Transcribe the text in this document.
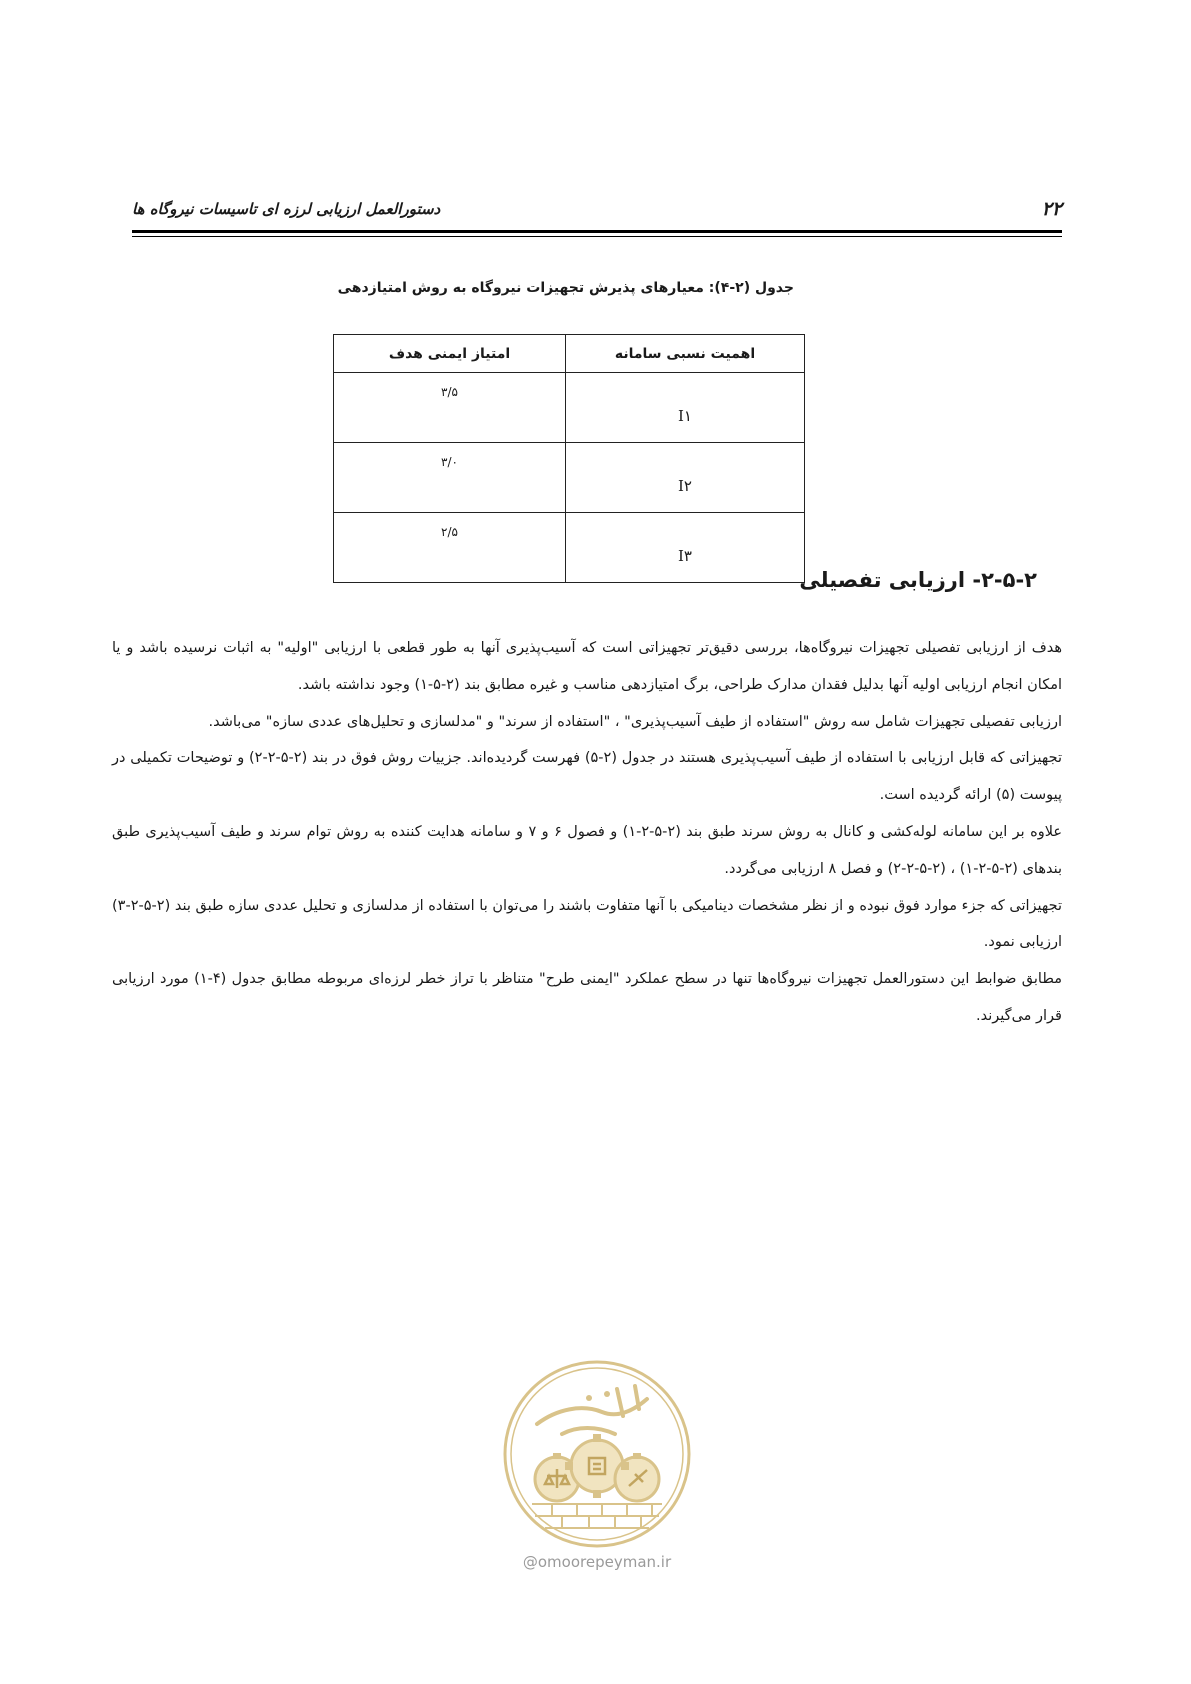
۲۲
دستورالعمل ارزیابی لرزه ای تاسیسات نیروگاه ها
جدول (۲-۴): معیارهای پذیرش تجهیزات نیروگاه به روش امتیازدهی
اهمیت نسبی سامانه	امتیاز ایمنی هدف
I۱	۳/۵
I۲	۳/۰
I۳	۲/۵
۲-۵-۲- ارزیابی تفصیلی

هدف از ارزیابی تفصیلی تجهیزات نیروگاه‌ها، بررسی دقیق‌تر تجهیزاتی است که آسیب‌پذیری آنها به طور قطعی با ارزیابی "اولیه" به اثبات نرسیده باشد و یا امکان انجام ارزیابی اولیه آنها بدلیل فقدان مدارک طراحی، برگ امتیازدهی مناسب و غیره مطابق بند (۲-۵-۱) وجود نداشته باشد.

ارزیابی تفصیلی تجهیزات شامل سه روش "استفاده از طیف آسیب‌پذیری" ، "استفاده از سرند" و "مدلسازی و تحلیل‌های عددی سازه" می‌باشد.

تجهیزاتی که قابل ارزیابی با استفاده از طیف آسیب‌پذیری هستند در جدول (۲-۵) فهرست گردیده‌اند. جزییات روش فوق در بند (۲-۵-۲-۲) و توضیحات تکمیلی در پیوست (۵) ارائه گردیده است.

علاوه بر این سامانه لوله‌کشی و کانال به روش سرند طبق بند (۲-۵-۲-۱) و فصول ۶ و ۷ و سامانه هدایت کننده به روش توام سرند و طیف آسیب‌پذیری طبق بندهای (۲-۵-۲-۱) ، (۲-۵-۲-۲) و فصل ۸ ارزیابی می‌گردد.

تجهیزاتی که جزء موارد فوق نبوده و از نظر مشخصات دینامیکی با آنها متفاوت باشند را می‌توان با استفاده از مدلسازی و تحلیل عددی سازه طبق بند (۲-۵-۲-۳) ارزیابی نمود.

مطابق ضوابط این دستورالعمل تجهیزات نیروگاه‌ها تنها در سطح عملکرد "ایمنی طرح" متناظر با تراز خطر لرزه‌ای مربوطه مطابق جدول (۴-۱) مورد ارزیابی قرار می‌گیرند.

@omoorepeyman.ir
